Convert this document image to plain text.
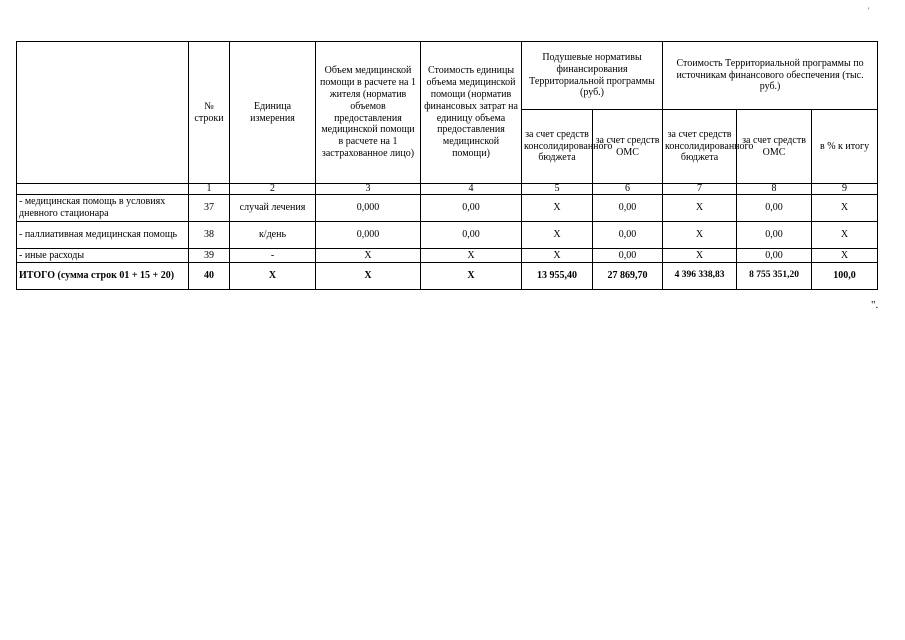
'
	№ строки	Единица измерения	Объем медицинской помощи в расчете на 1 жителя (норматив объемов предоставления медицинской помощи в расчете на 1 застрахованное лицо)	Стоимость единицы объема медицинской помощи (норматив финансовых затрат на единицу объема предоставления медицинской помощи)	Подушевые нормативы финансирования Территориальной программы (руб.)		Стоимость Территориальной программы по источникам финансового обеспечения (тыс. руб.)		
					за счет средств консолидированного бюджета	за счет средств ОМС	за счет средств консолидированного бюджета	за счет средств ОМС	в % к итогу
	1	2	3	4	5	6	7	8	9
- медицинская помощь в условиях дневного стационара	37	случай лечения	0,000	0,00	Х	0,00	Х	0,00	Х
- паллиативная медицинская помощь	38	к/день	0,000	0,00	Х	0,00	Х	0,00	Х
- иные расходы	39	-	Х	Х	Х	0,00	Х	0,00	Х
ИТОГО (сумма строк 01 + 15 + 20)	40	Х	Х	Х	13 955,40	27 869,70	4 396 338,83	8 755 351,20	100,0
".
